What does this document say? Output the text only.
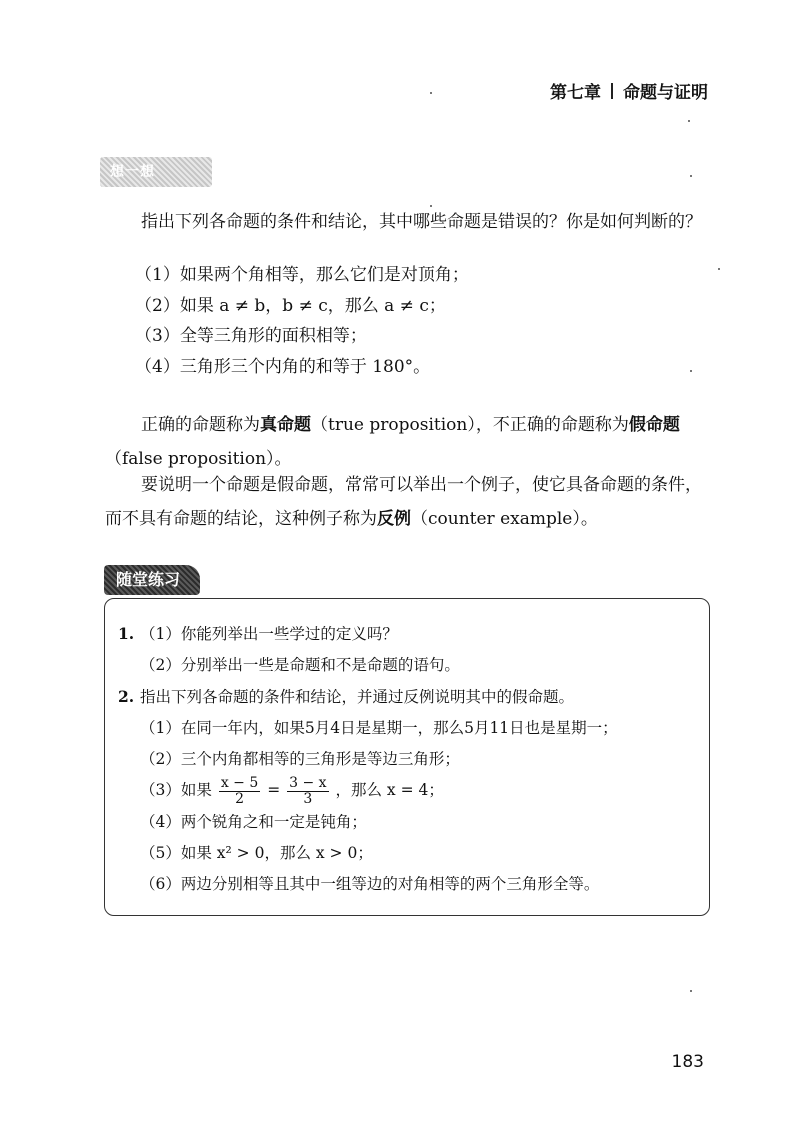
第七章 命题与证明
想一想

指出下列各命题的条件和结论，其中哪些命题是错误的？你是如何判断的？

（1）如果两个角相等，那么它们是对顶角；
（2）如果 a ≠ b，b ≠ c，那么 a ≠ c；
（3）全等三角形的面积相等；
（4）三角形三个内角的和等于 180°。

正确的命题称为真命题（true proposition），不正确的命题称为假命题（false proposition）。

要说明一个命题是假命题，常常可以举出一个例子，使它具备命题的条件，而不具有命题的结论，这种例子称为反例（counter example）。

随堂练习
1. （1）你能列举出一些学过的定义吗？
（2）分别举出一些是命题和不是命题的语句。
2. 指出下列各命题的条件和结论，并通过反例说明其中的假命题。
（1）在同一年内，如果5月4日是星期一，那么5月11日也是星期一；
（2）三个内角都相等的三角形是等边三角形；
（3）如果 $\frac{x - 5}{2} = \frac{3 - x}{3}$ ，那么 x = 4；
（4）两个锐角之和一定是钝角；
（5）如果 x² > 0，那么 x > 0；
（6）两边分别相等且其中一组等边的对角相等的两个三角形全等。
183
